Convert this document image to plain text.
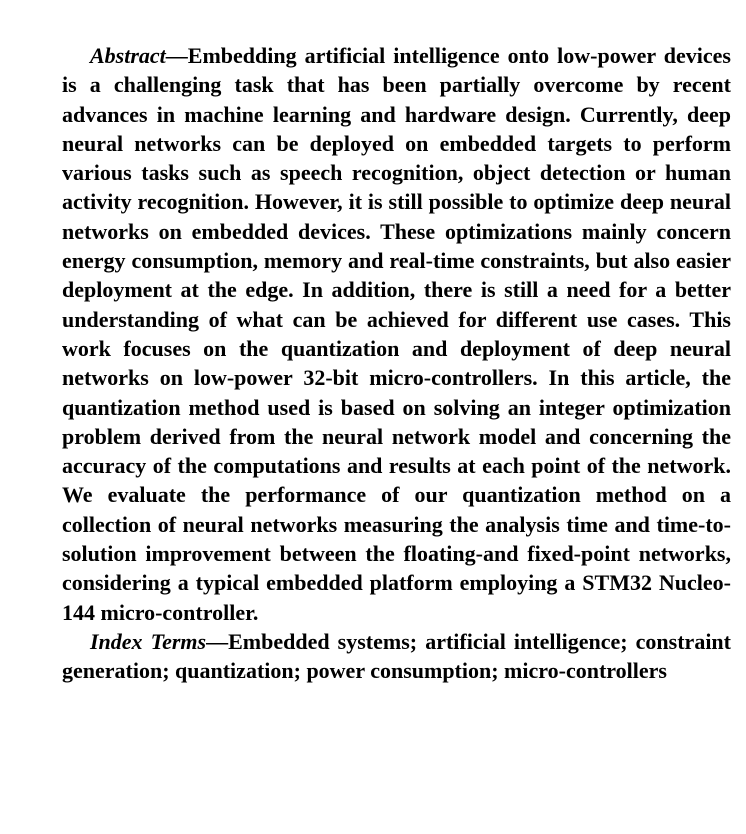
Abstract—Embedding artificial intelligence onto low-power devices is a challenging task that has been partially overcome by recent advances in machine learning and hardware design. Currently, deep neural networks can be deployed on embedded targets to perform various tasks such as speech recognition, object detection or human activity recognition. However, it is still possible to optimize deep neural networks on embedded devices. These optimizations mainly concern energy consumption, memory and real-time constraints, but also easier deployment at the edge. In addition, there is still a need for a better understanding of what can be achieved for different use cases. This work focuses on the quantization and deployment of deep neural networks on low-power 32-bit micro-controllers. In this article, the quantization method used is based on solving an integer optimization problem derived from the neural network model and concerning the accuracy of the computations and results at each point of the network. We evaluate the performance of our quantization method on a collection of neural networks measuring the analysis time and time-to-solution improvement between the floating-and fixed-point networks, considering a typical embedded platform employing a STM32 Nucleo-144 micro-controller.

Index Terms—Embedded systems; artificial intelligence; constraint generation; quantization; power consumption; micro-controllers
